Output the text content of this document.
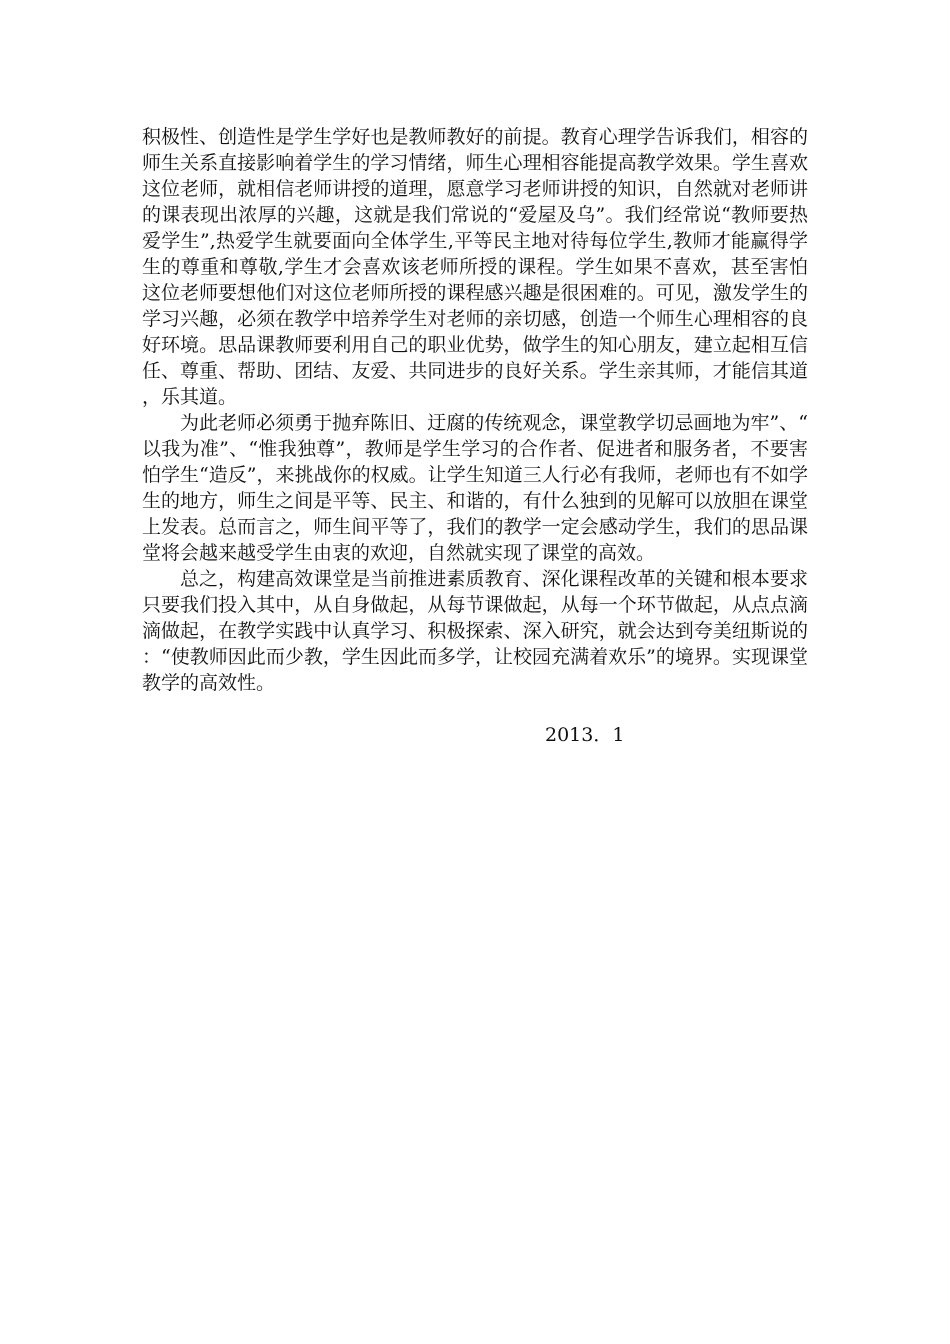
积极性、创造性是学生学好也是教师教好的前提。教育心理学告诉我们，相容的师生关系直接影响着学生的学习情绪，师生心理相容能提高教学效果。学生喜欢这位老师，就相信老师讲授的道理，愿意学习老师讲授的知识，自然就对老师讲的课表现出浓厚的兴趣，这就是我们常说的“爱屋及乌”。我们经常说“教师要热爱学生”,热爱学生就要面向全体学生,平等民主地对待每位学生,教师才能赢得学生的尊重和尊敬,学生才会喜欢该老师所授的课程。学生如果不喜欢，甚至害怕这位老师要想他们对这位老师所授的课程感兴趣是很困难的。可见，激发学生的学习兴趣，必须在教学中培养学生对老师的亲切感，创造一个师生心理相容的良好环境。思品课教师要利用自己的职业优势，做学生的知心朋友，建立起相互信任、尊重、帮助、团结、友爱、共同进步的良好关系。学生亲其师，才能信其道，乐其道。

为此老师必须勇于抛弃陈旧、迂腐的传统观念，课堂教学切忌画地为牢”、“以我为准”、“惟我独尊”，教师是学生学习的合作者、促进者和服务者，不要害怕学生“造反”，来挑战你的权威。让学生知道三人行必有我师，老师也有不如学生的地方，师生之间是平等、民主、和谐的，有什么独到的见解可以放胆在课堂上发表。总而言之，师生间平等了，我们的教学一定会感动学生，我们的思品课堂将会越来越受学生由衷的欢迎，自然就实现了课堂的高效。

总之，构建高效课堂是当前推进素质教育、深化课程改革的关键和根本要求只要我们投入其中，从自身做起，从每节课做起，从每一个环节做起，从点点滴滴做起，在教学实践中认真学习、积极探索、深入研究，就会达到夸美纽斯说的：“使教师因此而少教，学生因此而多学，让校园充满着欢乐”的境界。实现课堂教学的高效性。

2013．1
